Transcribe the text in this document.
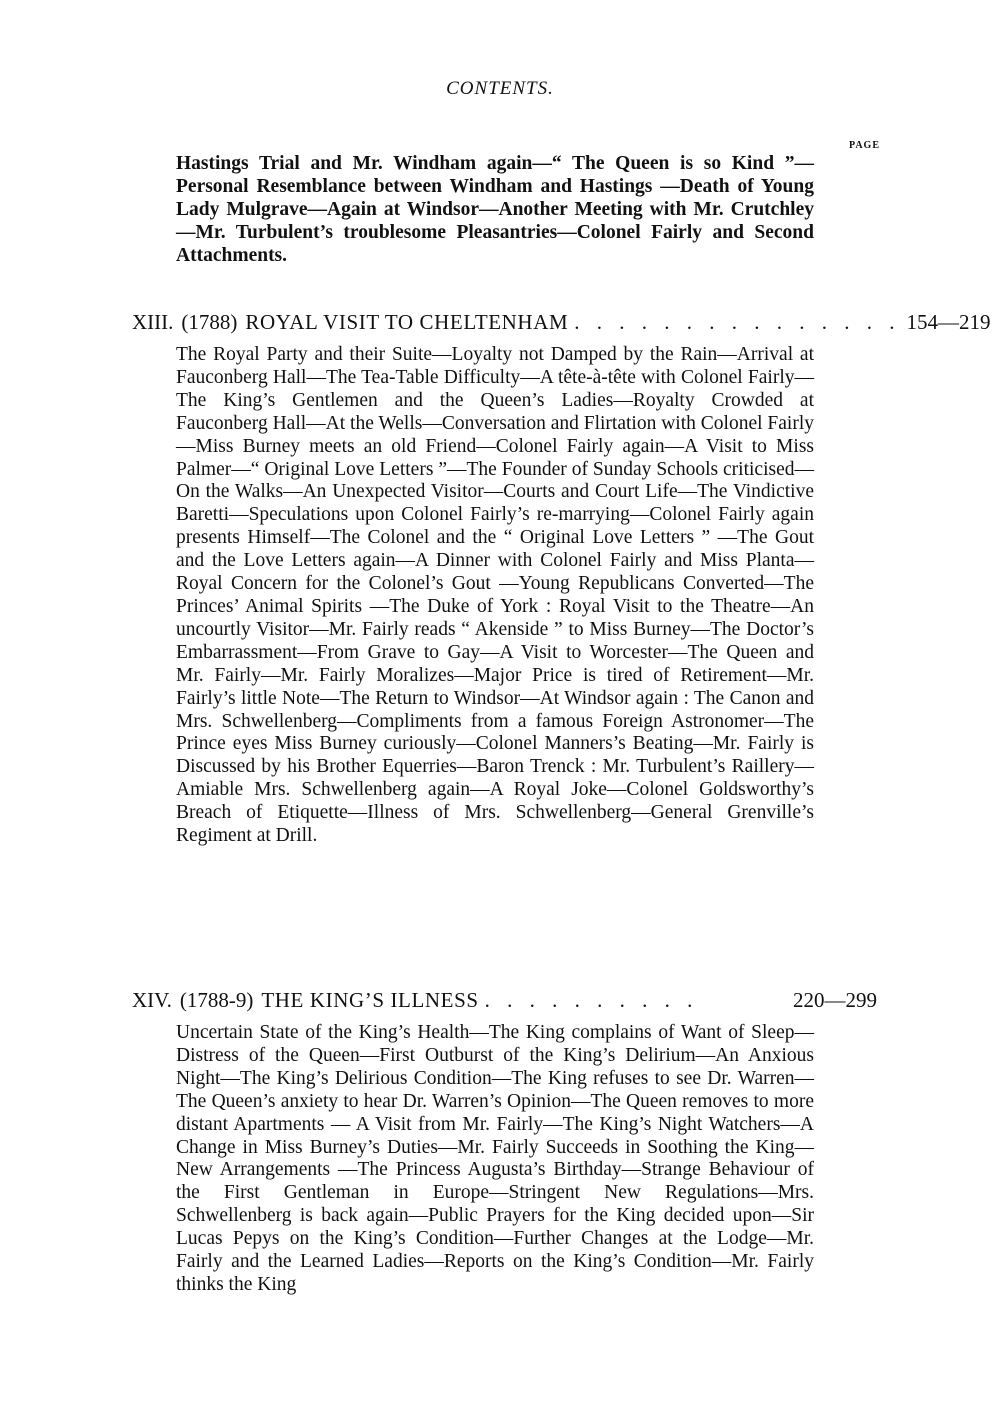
CONTENTS.
PAGE

Hastings Trial and Mr. Windham again—“ The Queen is so Kind ”—Personal Resemblance between Windham and Hastings —Death of Young Lady Mulgrave—Again at Windsor—Another Meeting with Mr. Crutchley—Mr. Turbulent’s troublesome Pleasantries—Colonel Fairly and Second Attachments.

XIII. (1788) ROYAL VISIT TO CHELTENHAM . . . . . . . . . . . . . . . 154—219

The Royal Party and their Suite—Loyalty not Damped by the Rain—Arrival at Fauconberg Hall—The Tea-Table Difficulty—A tête-à-tête with Colonel Fairly—The King’s Gentlemen and the Queen’s Ladies—Royalty Crowded at Fauconberg Hall—At the Wells—Conversation and Flirtation with Colonel Fairly —Miss Burney meets an old Friend—Colonel Fairly again—A Visit to Miss Palmer—“ Original Love Letters ”—The Founder of Sunday Schools criticised—On the Walks—An Unexpected Visitor—Courts and Court Life—The Vindictive Baretti—Speculations upon Colonel Fairly’s re-marrying—Colonel Fairly again presents Himself—The Colonel and the “ Original Love Letters ” —The Gout and the Love Letters again—A Dinner with Colonel Fairly and Miss Planta—Royal Concern for the Colonel’s Gout —Young Republicans Converted—The Princes’ Animal Spirits —The Duke of York : Royal Visit to the Theatre—An uncourtly Visitor—Mr. Fairly reads “ Akenside ” to Miss Burney—The Doctor’s Embarrassment—From Grave to Gay—A Visit to Worcester—The Queen and Mr. Fairly—Mr. Fairly Moralizes—Major Price is tired of Retirement—Mr. Fairly’s little Note—The Return to Windsor—At Windsor again : The Canon and Mrs. Schwellenberg—Compliments from a famous Foreign Astronomer—The Prince eyes Miss Burney curiously—Colonel Manners’s Beating—Mr. Fairly is Discussed by his Brother Equerries—Baron Trenck : Mr. Turbulent’s Raillery—Amiable Mrs. Schwellenberg again—A Royal Joke—Colonel Goldsworthy’s Breach of Etiquette—Illness of Mrs. Schwellenberg—General Grenville’s Regiment at Drill.

XIV. (1788-9) THE KING’S ILLNESS . . . . . . . . . .	220—299

Uncertain State of the King’s Health—The King complains of Want of Sleep—Distress of the Queen—First Outburst of the King’s Delirium—An Anxious Night—The King’s Delirious Condition—The King refuses to see Dr. Warren—The Queen’s anxiety to hear Dr. Warren’s Opinion—The Queen removes to more distant Apartments — A Visit from Mr. Fairly—The King’s Night Watchers—A Change in Miss Burney’s Duties—Mr. Fairly Succeeds in Soothing the King—New Arrangements —The Princess Augusta’s Birthday—Strange Behaviour of the First Gentleman in Europe—Stringent New Regulations—Mrs. Schwellenberg is back again—Public Prayers for the King decided upon—Sir Lucas Pepys on the King’s Condition—Further Changes at the Lodge—Mr. Fairly and the Learned Ladies—Reports on the King’s Condition—Mr. Fairly thinks the King
